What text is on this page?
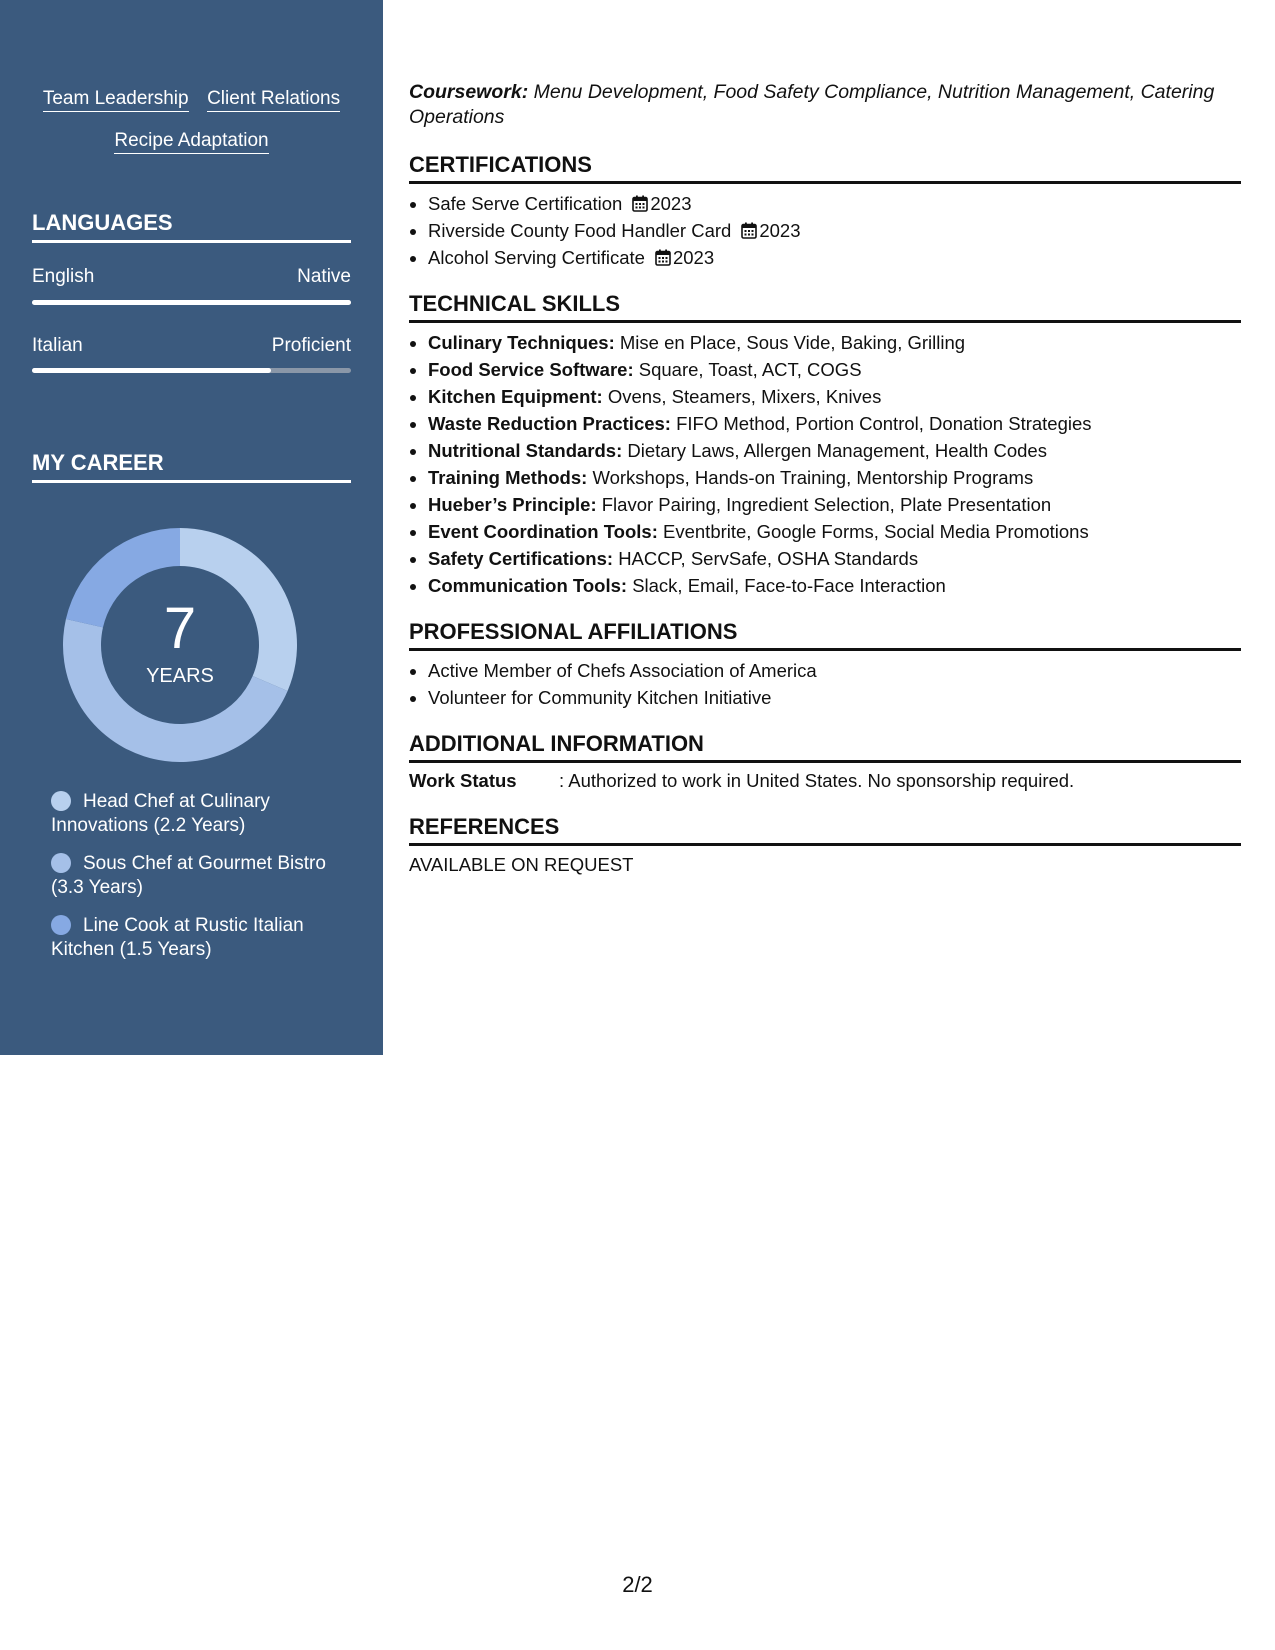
Team Leadership Client Relations
Recipe Adaptation
LANGUAGES
English	Native
Italian	Proficient
MY CAREER
7
YEARS
Head Chef at Culinary Innovations (2.2 Years)
Sous Chef at Gourmet Bistro (3.3 Years)
Line Cook at Rustic Italian Kitchen (1.5 Years)

Coursework: Menu Development, Food Safety Compliance, Nutrition Management, Catering Operations

CERTIFICATIONS
• Safe Serve Certification 2023
• Riverside County Food Handler Card 2023
• Alcohol Serving Certificate 2023
TECHNICAL SKILLS
• Culinary Techniques: Mise en Place, Sous Vide, Baking, Grilling
• Food Service Software: Square, Toast, ACT, COGS
• Kitchen Equipment: Ovens, Steamers, Mixers, Knives
• Waste Reduction Practices: FIFO Method, Portion Control, Donation Strategies
• Nutritional Standards: Dietary Laws, Allergen Management, Health Codes
• Training Methods: Workshops, Hands-on Training, Mentorship Programs
• Hueber’s Principle: Flavor Pairing, Ingredient Selection, Plate Presentation
• Event Coordination Tools: Eventbrite, Google Forms, Social Media Promotions
• Safety Certifications: HACCP, ServSafe, OSHA Standards
• Communication Tools: Slack, Email, Face-to-Face Interaction
PROFESSIONAL AFFILIATIONS
• Active Member of Chefs Association of America
• Volunteer for Community Kitchen Initiative
ADDITIONAL INFORMATION
Work Status : Authorized to work in United States. No sponsorship required.
REFERENCES
AVAILABLE ON REQUEST
2/2
